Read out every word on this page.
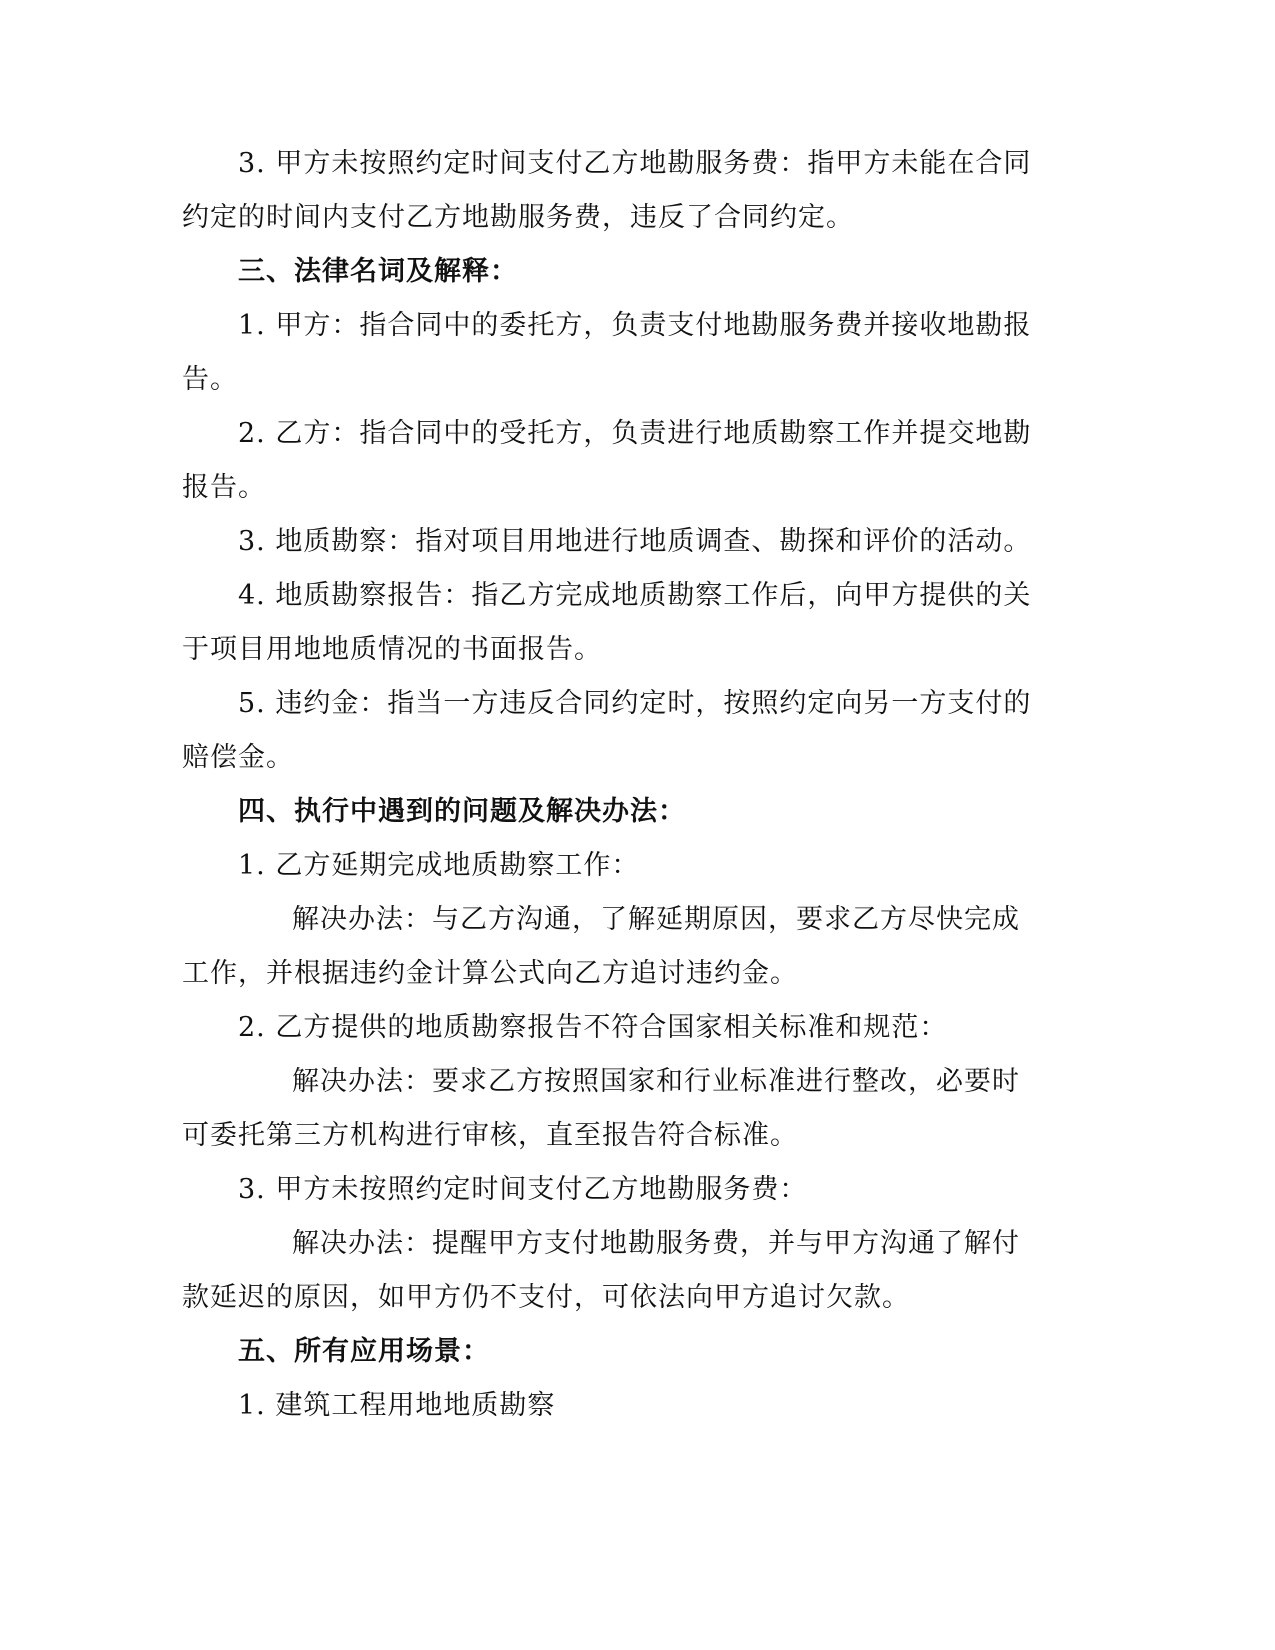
3. 甲方未按照约定时间支付乙方地勘服务费：指甲方未能在合同
约定的时间内支付乙方地勘服务费，违反了合同约定。
三、法律名词及解释：
1. 甲方：指合同中的委托方，负责支付地勘服务费并接收地勘报
告。
2. 乙方：指合同中的受托方，负责进行地质勘察工作并提交地勘
报告。
3. 地质勘察：指对项目用地进行地质调查、勘探和评价的活动。
4. 地质勘察报告：指乙方完成地质勘察工作后，向甲方提供的关
于项目用地地质情况的书面报告。
5. 违约金：指当一方违反合同约定时，按照约定向另一方支付的
赔偿金。
四、执行中遇到的问题及解决办法：
1. 乙方延期完成地质勘察工作：
解决办法：与乙方沟通，了解延期原因，要求乙方尽快完成
工作，并根据违约金计算公式向乙方追讨违约金。
2. 乙方提供的地质勘察报告不符合国家相关标准和规范：
解决办法：要求乙方按照国家和行业标准进行整改，必要时
可委托第三方机构进行审核，直至报告符合标准。
3. 甲方未按照约定时间支付乙方地勘服务费：
解决办法：提醒甲方支付地勘服务费，并与甲方沟通了解付
款延迟的原因，如甲方仍不支付，可依法向甲方追讨欠款。
五、所有应用场景：
1. 建筑工程用地地质勘察
